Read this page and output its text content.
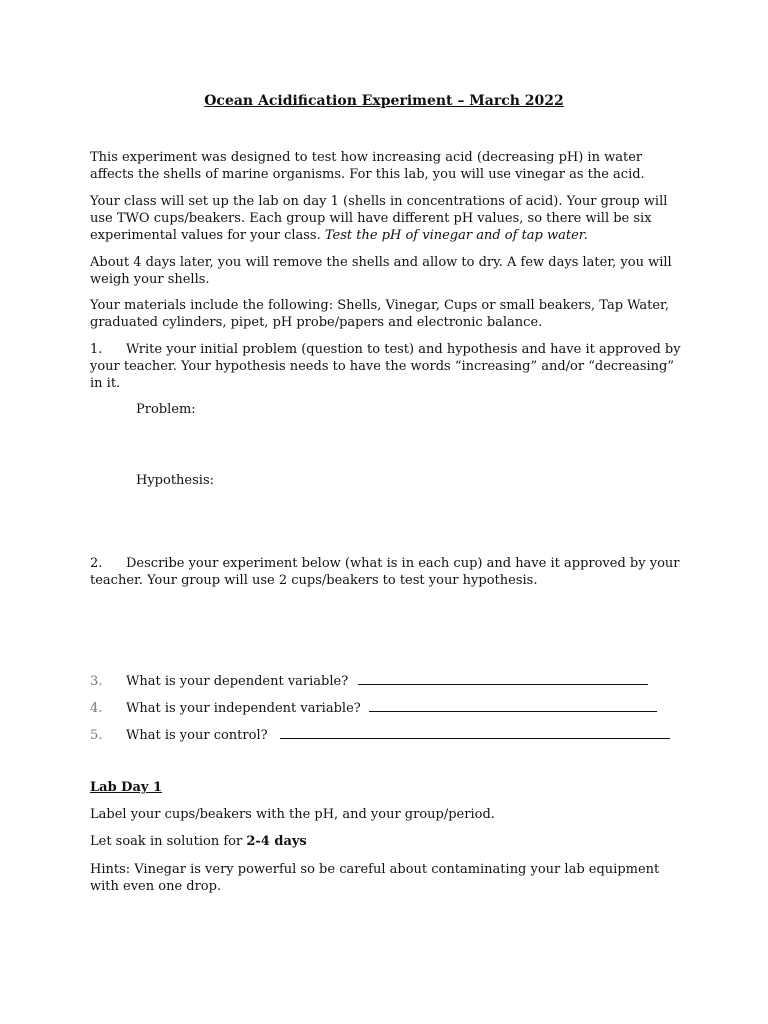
Ocean Acidification Experiment – March 2022
This experiment was designed to test how increasing acid (decreasing pH) in water affects the shells of marine organisms. For this lab, you will use vinegar as the acid.
Your class will set up the lab on day 1 (shells in concentrations of acid). Your group will use TWO cups/beakers. Each group will have different pH values, so there will be six experimental values for your class. Test the pH of vinegar and of tap water.
About 4 days later, you will remove the shells and allow to dry. A few days later, you will weigh your shells.
Your materials include the following: Shells, Vinegar, Cups or small beakers, Tap Water, graduated cylinders, pipet, pH probe/papers and electronic balance.
1. Write your initial problem (question to test) and hypothesis and have it approved by your teacher. Your hypothesis needs to have the words “increasing” and/or “decreasing” in it.
Problem:
Hypothesis:
2. Describe your experiment below (what is in each cup) and have it approved by your teacher. Your group will use 2 cups/beakers to test your hypothesis.
3. What is your dependent variable?
4. What is your independent variable?
5. What is your control?
Lab Day 1
Label your cups/beakers with the pH, and your group/period.
Let soak in solution for 2-4 days
Hints: Vinegar is very powerful so be careful about contaminating your lab equipment with even one drop.
